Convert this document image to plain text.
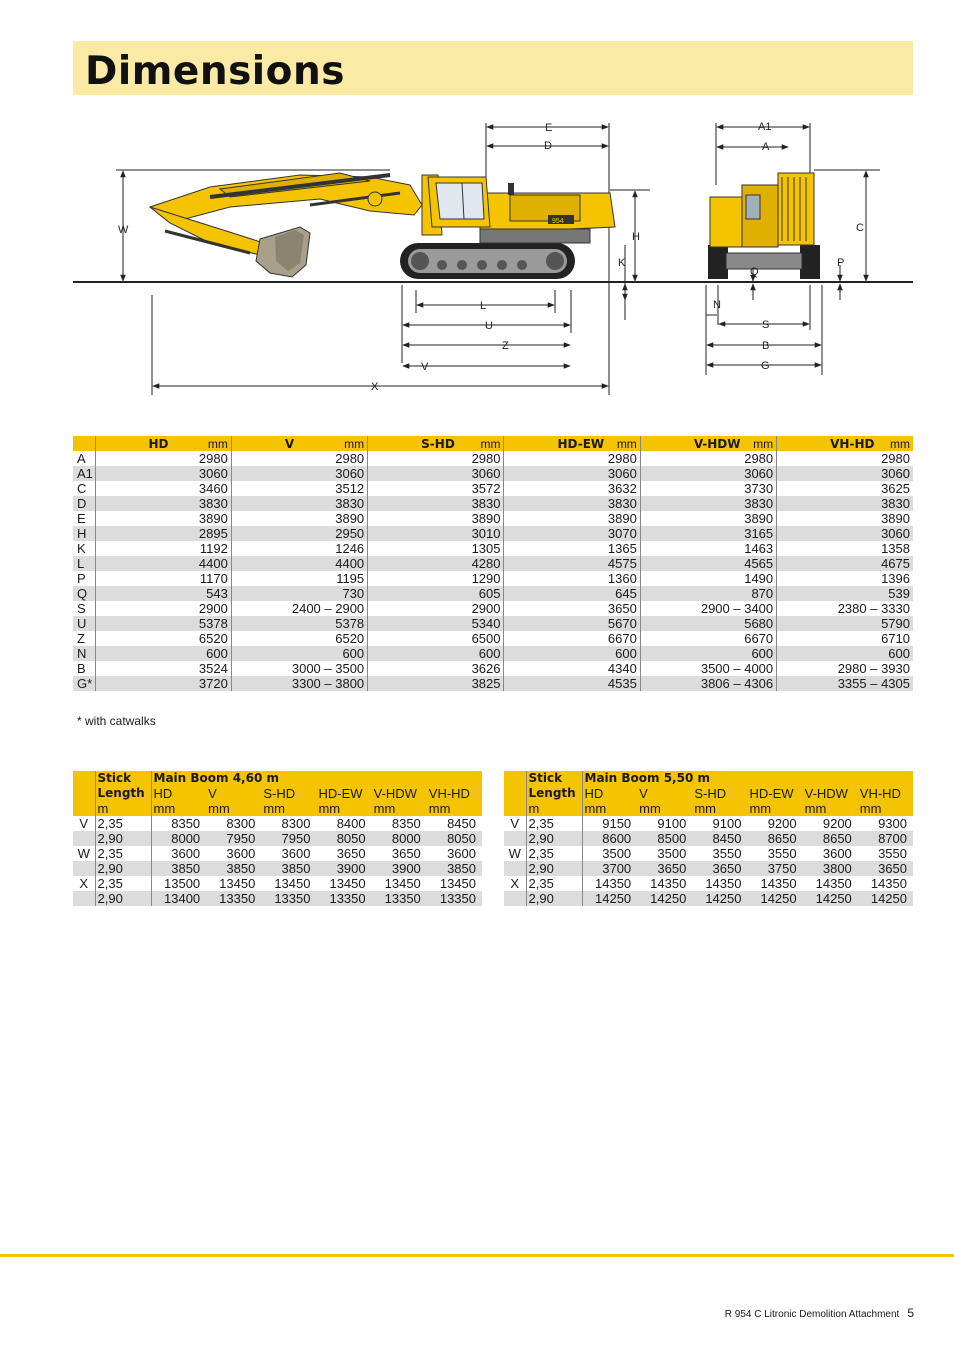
Dimensions
954
E
D
A1
A
W
H
K
C
P
Q
L
U
Z
V
X
N
S
B
G

	HD mm	V mm	S-HD mm	HD-EW mm	V-HDW mm	VH-HD mm

A	2980	2980	2980	2980	2980	2980
A1	3060	3060	3060	3060	3060	3060
C	3460	3512	3572	3632	3730	3625
D	3830	3830	3830	3830	3830	3830
E	3890	3890	3890	3890	3890	3890
H	2895	2950	3010	3070	3165	3060
K	1192	1246	1305	1365	1463	1358
L	4400	4400	4280	4575	4565	4675
P	1170	1195	1290	1360	1490	1396
Q	543	730	605	645	870	539
S	2900	2400 – 2900	2900	3650	2900 – 3400	2380 – 3330
U	5378	5378	5340	5670	5680	5790
Z	6520	6520	6500	6670	6670	6710
N	600	600	600	600	600	600
B	3524	3000 – 3500	3626	4340	3500 – 4000	2980 – 3930
G*	3720	3300 – 3800	3825	4535	3806 – 4306	3355 – 4305
* with catwalks
	Stick	Main Boom 4,60 m					
	Length	HD	V	S-HD	HD-EW	V-HDW	VH-HD
	m	mm	mm	mm	mm	mm	mm
V	2,35	8350	8300	8300	8400	8350	8450
	2,90	8000	7950	7950	8050	8000	8050
W	2,35	3600	3600	3600	3650	3650	3600
	2,90	3850	3850	3850	3900	3900	3850
X	2,35	13500	13450	13450	13450	13450	13450
	2,90	13400	13350	13350	13350	13350	13350
	Stick	Main Boom 5,50 m					
	Length	HD	V	S-HD	HD-EW	V-HDW	VH-HD
	m	mm	mm	mm	mm	mm	mm
V	2,35	9150	9100	9100	9200	9200	9300
	2,90	8600	8500	8450	8650	8650	8700
W	2,35	3500	3500	3550	3550	3600	3550
	2,90	3700	3650	3650	3750	3800	3650
X	2,35	14350	14350	14350	14350	14350	14350
	2,90	14250	14250	14250	14250	14250	14250
R 954 C Litronic Demolition Attachment 5
